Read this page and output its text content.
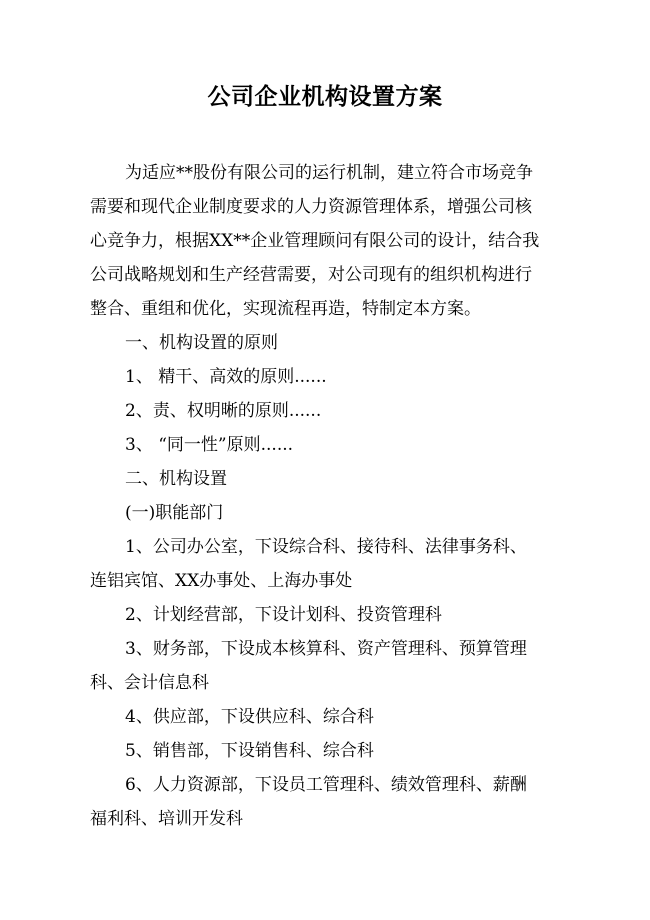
公司企业机构设置方案
为适应**股份有限公司的运行机制，建立符合市场竞争
需要和现代企业制度要求的人力资源管理体系，增强公司核
心竞争力，根据XX**企业管理顾问有限公司的设计，结合我
公司战略规划和生产经营需要，对公司现有的组织机构进行
整合、重组和优化，实现流程再造，特制定本方案。
一、机构设置的原则
1、 精干、高效的原则......
2、责、权明晰的原则......
3、 “同一性”原则......
二、机构设置
(一)职能部门
1、公司办公室，下设综合科、接待科、法律事务科、
连铝宾馆、XX办事处、上海办事处
2、计划经营部，下设计划科、投资管理科
3、财务部，下设成本核算科、资产管理科、预算管理
科、会计信息科
4、供应部，下设供应科、综合科
5、销售部，下设销售科、综合科
6、人力资源部，下设员工管理科、绩效管理科、薪酬
福利科、培训开发科
